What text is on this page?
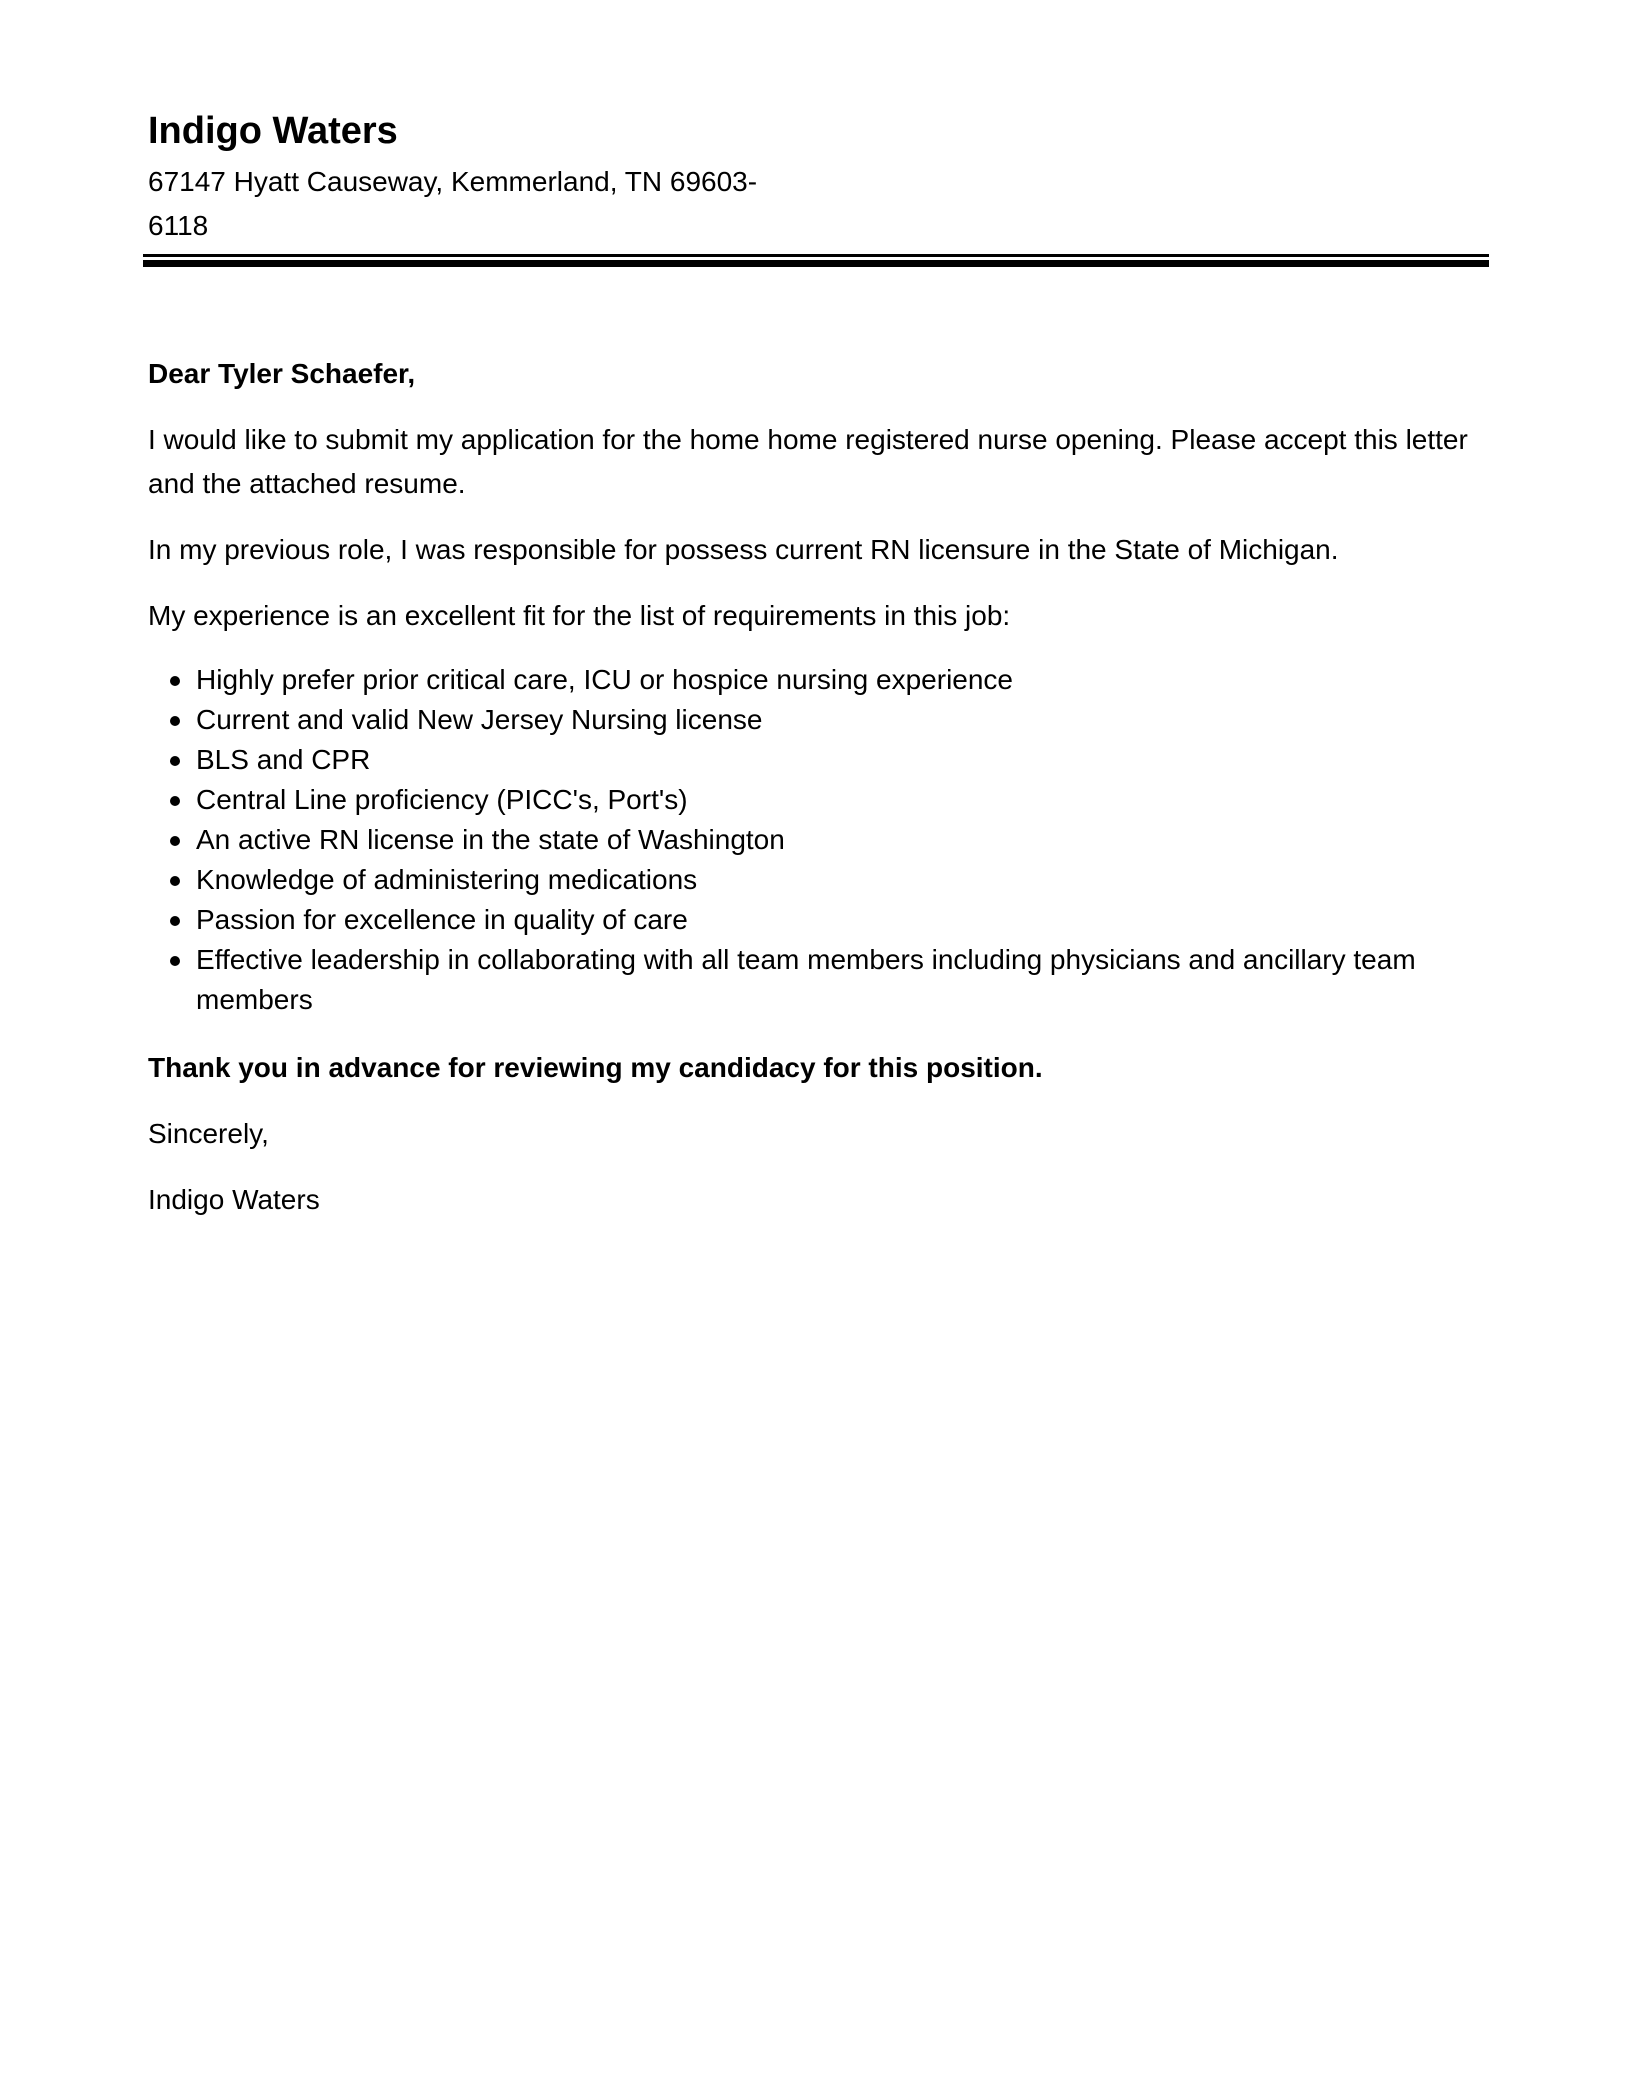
Indigo Waters
67147 Hyatt Causeway, Kemmerland, TN 69603-
6118

Dear Tyler Schaefer,

I would like to submit my application for the home home registered nurse opening. Please accept this letter and the attached resume.

In my previous role, I was responsible for possess current RN licensure in the State of Michigan.

My experience is an excellent fit for the list of requirements in this job:

Highly prefer prior critical care, ICU or hospice nursing experience
Current and valid New Jersey Nursing license
BLS and CPR
Central Line proficiency (PICC's, Port's)
An active RN license in the state of Washington
Knowledge of administering medications
Passion for excellence in quality of care
Effective leadership in collaborating with all team members including physicians and ancillary team members

Thank you in advance for reviewing my candidacy for this position.

Sincerely,

Indigo Waters
